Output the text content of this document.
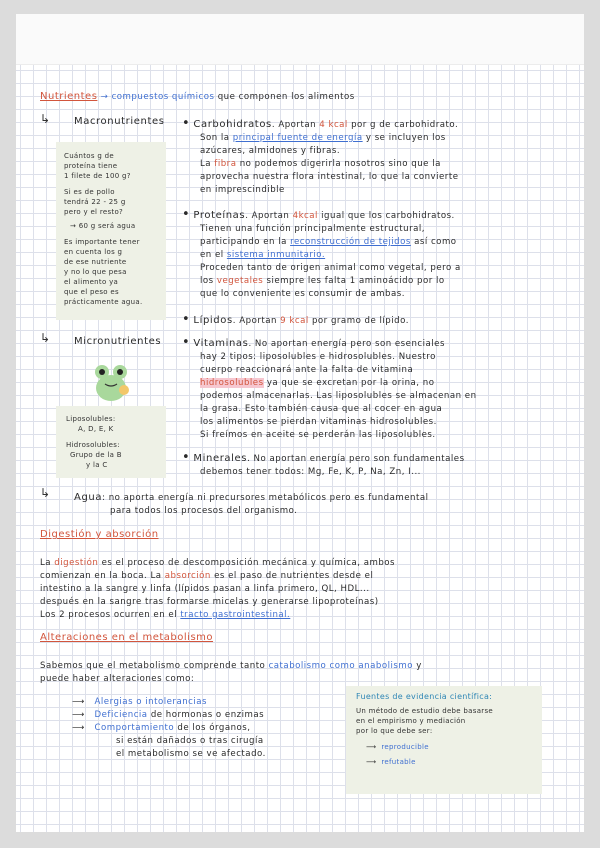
Nutrientes → compuestos químicos que componen los alimentos
↳ Macronutrientes
Cuántos g de
proteína tiene
1 filete de 100 g?
Si es de pollo
tendrá 22 - 25 g
pero y el resto?
→ 60 g será agua
Es importante tener
en cuenta los g
de ese nutriente
y no lo que pesa
el alimento ya
que el peso es
prácticamente agua.
• Carbohidratos. Aportan 4 kcal por g de carbohidrato.
Son la principal fuente de energía y se incluyen los
azúcares, almidones y fibras.
La fibra no podemos digerirla nosotros sino que la
aprovecha nuestra flora intestinal, lo que la convierte
en imprescindible
• Proteínas. Aportan 4kcal igual que los carbohidratos.
Tienen una función principalmente estructural,
participando en la reconstrucción de tejidos así como
en el sistema inmunitario.
Proceden tanto de origen animal como vegetal, pero a
los vegetales siempre les falta 1 aminoácido por lo
que lo conveniente es consumir de ambas.
• Lípidos. Aportan 9 kcal por gramo de lípido.
↳ Micronutrientes
Liposolubles:
A, D, E, K
Hidrosolubles:
Grupo de la B
y la C
• Vitaminas. No aportan energía pero son esenciales
hay 2 tipos: liposolubles e hidrosolubles. Nuestro
cuerpo reaccionará ante la falta de vitamina
hidrosolubles ya que se excretan por la orina, no
podemos almacenarlas. Las liposolubles se almacenan en
la grasa. Esto también causa que al cocer en agua
los alimentos se pierdan vitaminas hidrosolubles.
Si freímos en aceite se perderán las liposolubles.
• Minerales. No aportan energía pero son fundamentales
debemos tener todos: Mg, Fe, K, P, Na, Zn, I...
↳ Agua: no aporta energía ni precursores metabólicos pero es fundamental
para todos los procesos del organismo.
Digestión y absorción
La digestión es el proceso de descomposición mecánica y química, ambos
comienzan en la boca. La absorción es el paso de nutrientes desde el
intestino a la sangre y linfa (lípidos pasan a linfa primero, QL, HDL...
después en la sangre tras formarse micelas y generarse lipoproteínas)
Los 2 procesos ocurren en el tracto gastrointestinal.
Alteraciones en el metabolismo
Sabemos que el metabolismo comprende tanto catabolismo como anabolismo y
puede haber alteraciones como:
⟶ Alergias o intolerancias
⟶ Deficiencia de hormonas o enzimas
⟶ Comportamiento de los órganos,
si están dañados o tras cirugía
el metabolismo se ve afectado.
Fuentes de evidencia científica:
Un método de estudio debe basarse
en el empirismo y mediación
por lo que debe ser:
⟶ reproducible
⟶ refutable
